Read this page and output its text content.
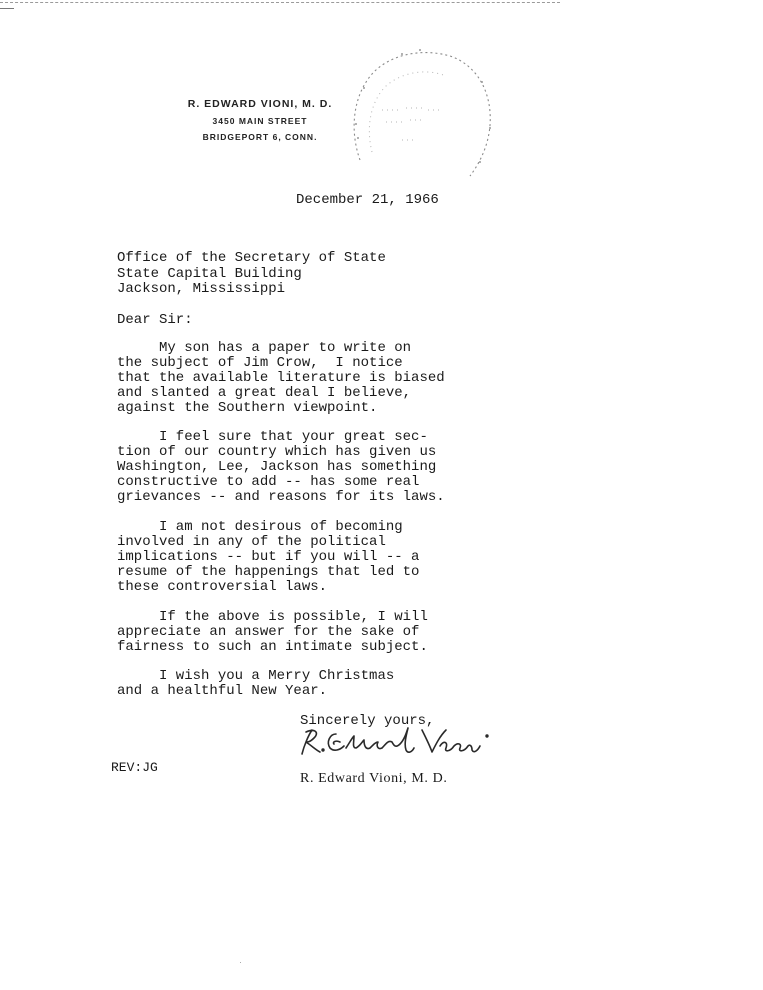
R. EDWARD VIONI, M. D.
3450 MAIN STREET
BRIDGEPORT 6, CONN.
December 21, 1966
Office of the Secretary of State
State Capital Building
Jackson, Mississippi
Dear Sir:
My son has a paper to write on
the subject of Jim Crow,  I notice
that the available literature is biased
and slanted a great deal I believe,
against the Southern viewpoint.
I feel sure that your great sec-
tion of our country which has given us
Washington, Lee, Jackson has something
constructive to add -- has some real
grievances -- and reasons for its laws.
I am not desirous of becoming
involved in any of the political
implications -- but if you will -- a
resume of the happenings that led to
these controversial laws.
If the above is possible, I will
appreciate an answer for the sake of
fairness to such an intimate subject.
I wish you a Merry Christmas
and a healthful New Year.
Sincerely yours,
REV:JG
R. Edward Vioni, M. D.
